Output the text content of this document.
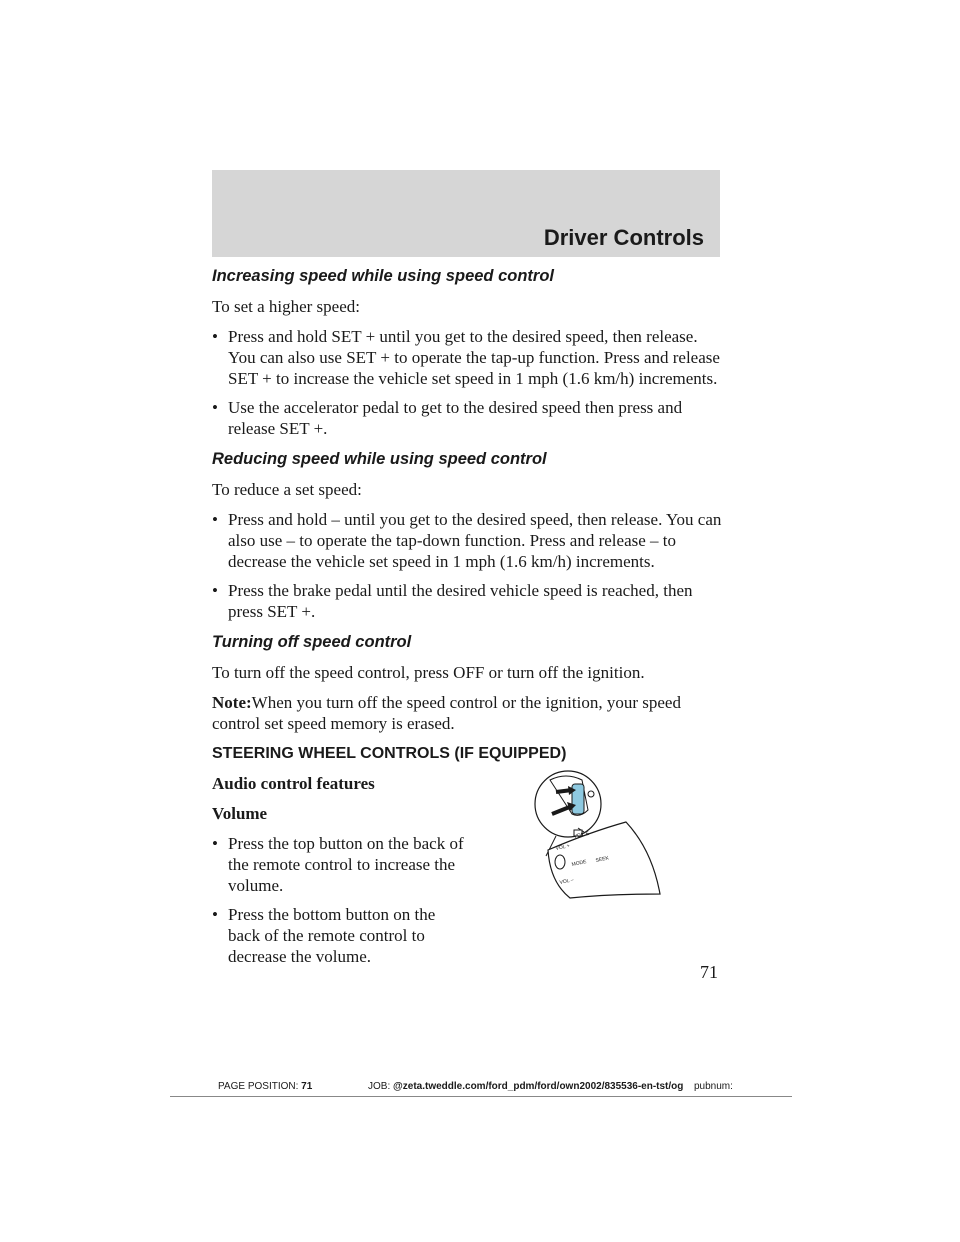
Driver Controls
Increasing speed while using speed control

To set a higher speed:

• Press and hold SET + until you get to the desired speed, then release. You can also use SET + to operate the tap-up function. Press and release SET + to increase the vehicle set speed in 1 mph (1.6 km/h) increments.
• Use the accelerator pedal to get to the desired speed then press and release SET +.
Reducing speed while using speed control

To reduce a set speed:

• Press and hold – until you get to the desired speed, then release. You can also use – to operate the tap-down function. Press and release – to decrease the vehicle set speed in 1 mph (1.6 km/h) increments.
• Press the brake pedal until the desired vehicle speed is reached, then press SET +.
Turning off speed control

To turn off the speed control, press OFF or turn off the ignition.

Note:When you turn off the speed control or the ignition, your speed control set speed memory is erased.

STEERING WHEEL CONTROLS (IF EQUIPPED)
Audio control features
Volume
• Press the top button on the back of the remote control to increase the volume.
• Press the bottom button on the back of the remote control to decrease the volume.
VOICE
VOL +
MODE SEEK
VOL –
71
PAGE POSITION: 71	JOB: @zeta.tweddle.com/ford_pdm/ford/own2002/835536-en-tst/og pubnum:
